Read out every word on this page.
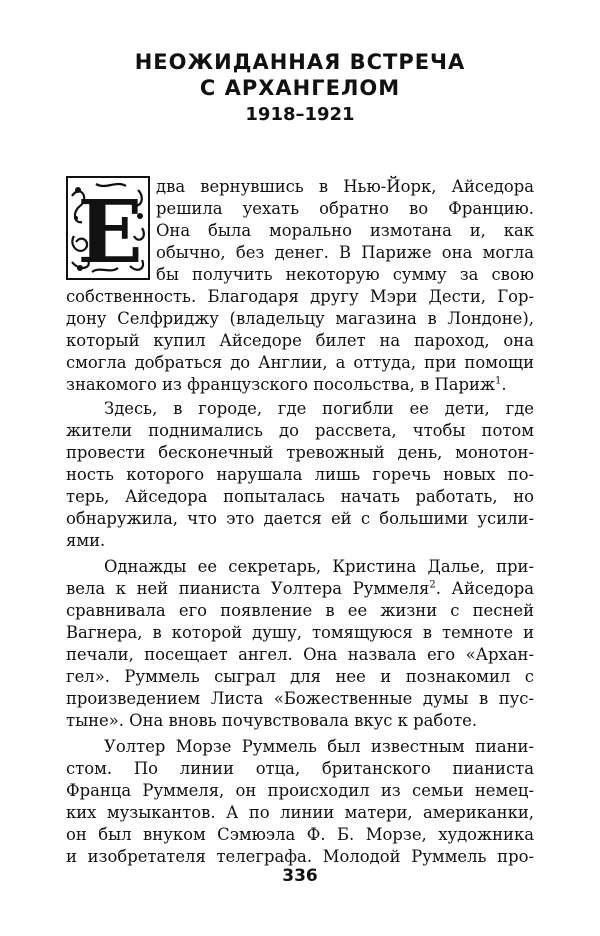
НЕОЖИДАННАЯ ВСТРЕЧА
С АРХАНГЕЛОМ
1918–1921
Е два вернувшись в Нью-Йорк, Айседора

решила уехать обратно во Францию.

Она была морально измотана и, как

обычно, без денег. В Париже она могла

бы получить некоторую сумму за свою

собственность. Благодаря другу Мэри Дести, Гор-

дону Селфриджу (владельцу магазина в Лондоне),

который купил Айседоре билет на пароход, она

смогла добраться до Англии, а оттуда, при помощи

знакомого из французского посольства, в Париж$^1$.

Здесь, в городе, где погибли ее дети, где

жители поднимались до рассвета, чтобы потом

провести бесконечный тревожный день, монотон-

ность которого нарушала лишь горечь новых по-

терь, Айседора попыталась начать работать, но

обнаружила, что это дается ей с большими усили-

ями.

Однажды ее секретарь, Кристина Дальe, при-

вела к ней пианиста Уолтера Руммеля$^2$. Айседора

сравнивала его появление в ее жизни с песней

Вагнера, в которой душу, томящуюся в темноте и

печали, посещает ангел. Она назвала его «Архан-

гел». Руммель сыграл для нее и познакомил с

произведением Листа «Божественные думы в пус-

тыне». Она вновь почувствовала вкус к работе.

Уолтер Морзе Руммель был известным пиани-

стом. По линии отца, британского пианиста

Франца Руммеля, он происходил из семьи немец-

ких музыкантов. А по линии матери, американки,

он был внуком Сэмюэла Ф. Б. Морзе, художника

и изобретателя телеграфа. Молодой Руммель про-

336
